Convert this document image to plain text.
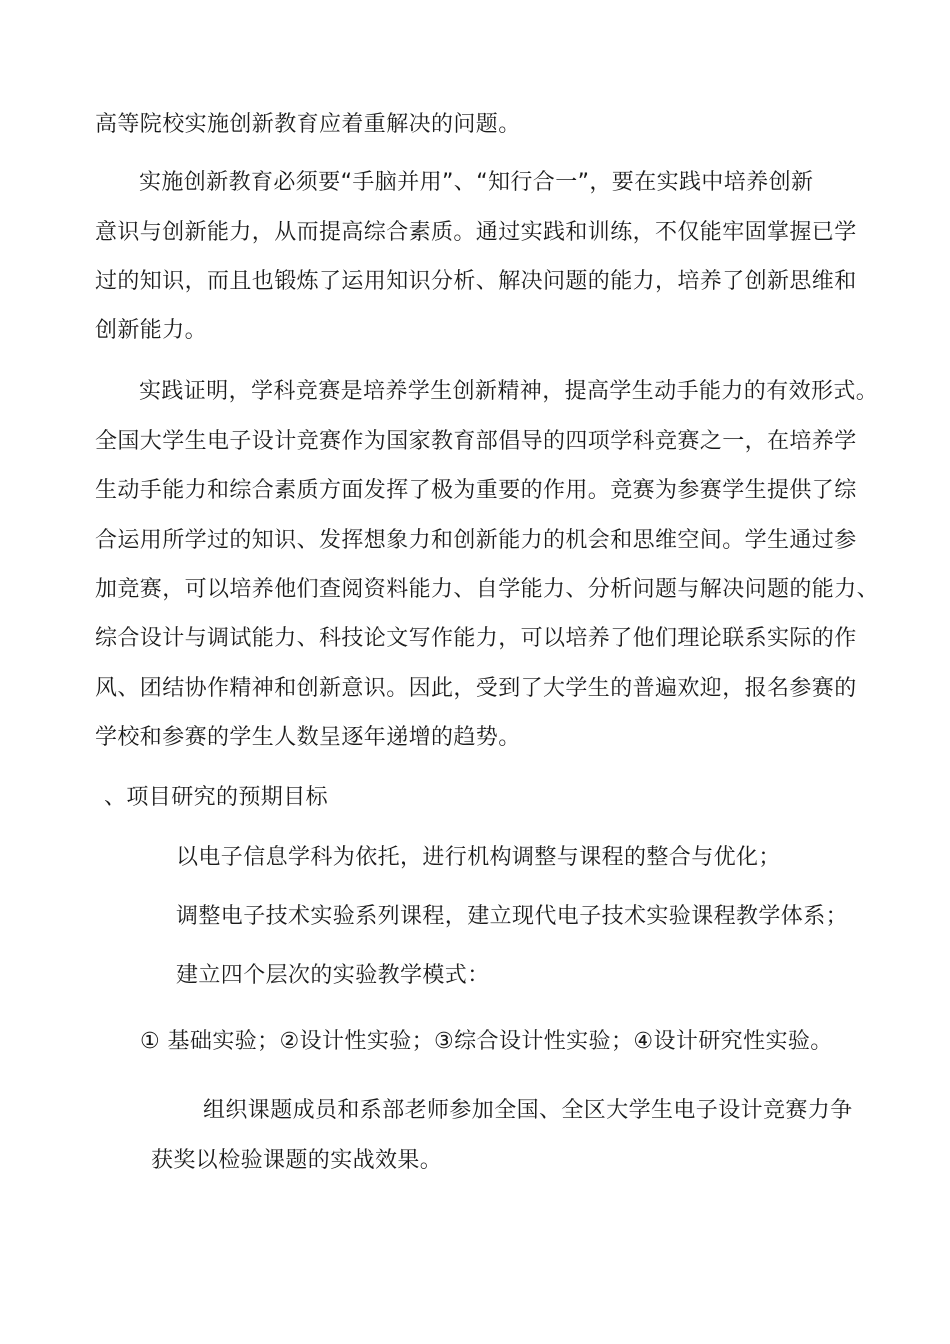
高等院校实施创新教育应着重解决的问题。
实施创新教育必须要“手脑并用”、“知行合一”，要在实践中培养创新
意识与创新能力，从而提高综合素质。通过实践和训练，不仅能牢固掌握已学
过的知识，而且也锻炼了运用知识分析、解决问题的能力，培养了创新思维和
创新能力。
实践证明，学科竞赛是培养学生创新精神，提高学生动手能力的有效形式。
全国大学生电子设计竞赛作为国家教育部倡导的四项学科竞赛之一，在培养学
生动手能力和综合素质方面发挥了极为重要的作用。竞赛为参赛学生提供了综
合运用所学过的知识、发挥想象力和创新能力的机会和思维空间。学生通过参
加竞赛，可以培养他们查阅资料能力、自学能力、分析问题与解决问题的能力、
综合设计与调试能力、科技论文写作能力，可以培养了他们理论联系实际的作
风、团结协作精神和创新意识。因此，受到了大学生的普遍欢迎，报名参赛的
学校和参赛的学生人数呈逐年递增的趋势。
、项目研究的预期目标
以电子信息学科为依托，进行机构调整与课程的整合与优化；
调整电子技术实验系列课程，建立现代电子技术实验课程教学体系；
建立四个层次的实验教学模式：
① 基础实验；②设计性实验；③综合设计性实验；④设计研究性实验。
组织课题成员和系部老师参加全国、全区大学生电子设计竞赛力争
获奖以检验课题的实战效果。
